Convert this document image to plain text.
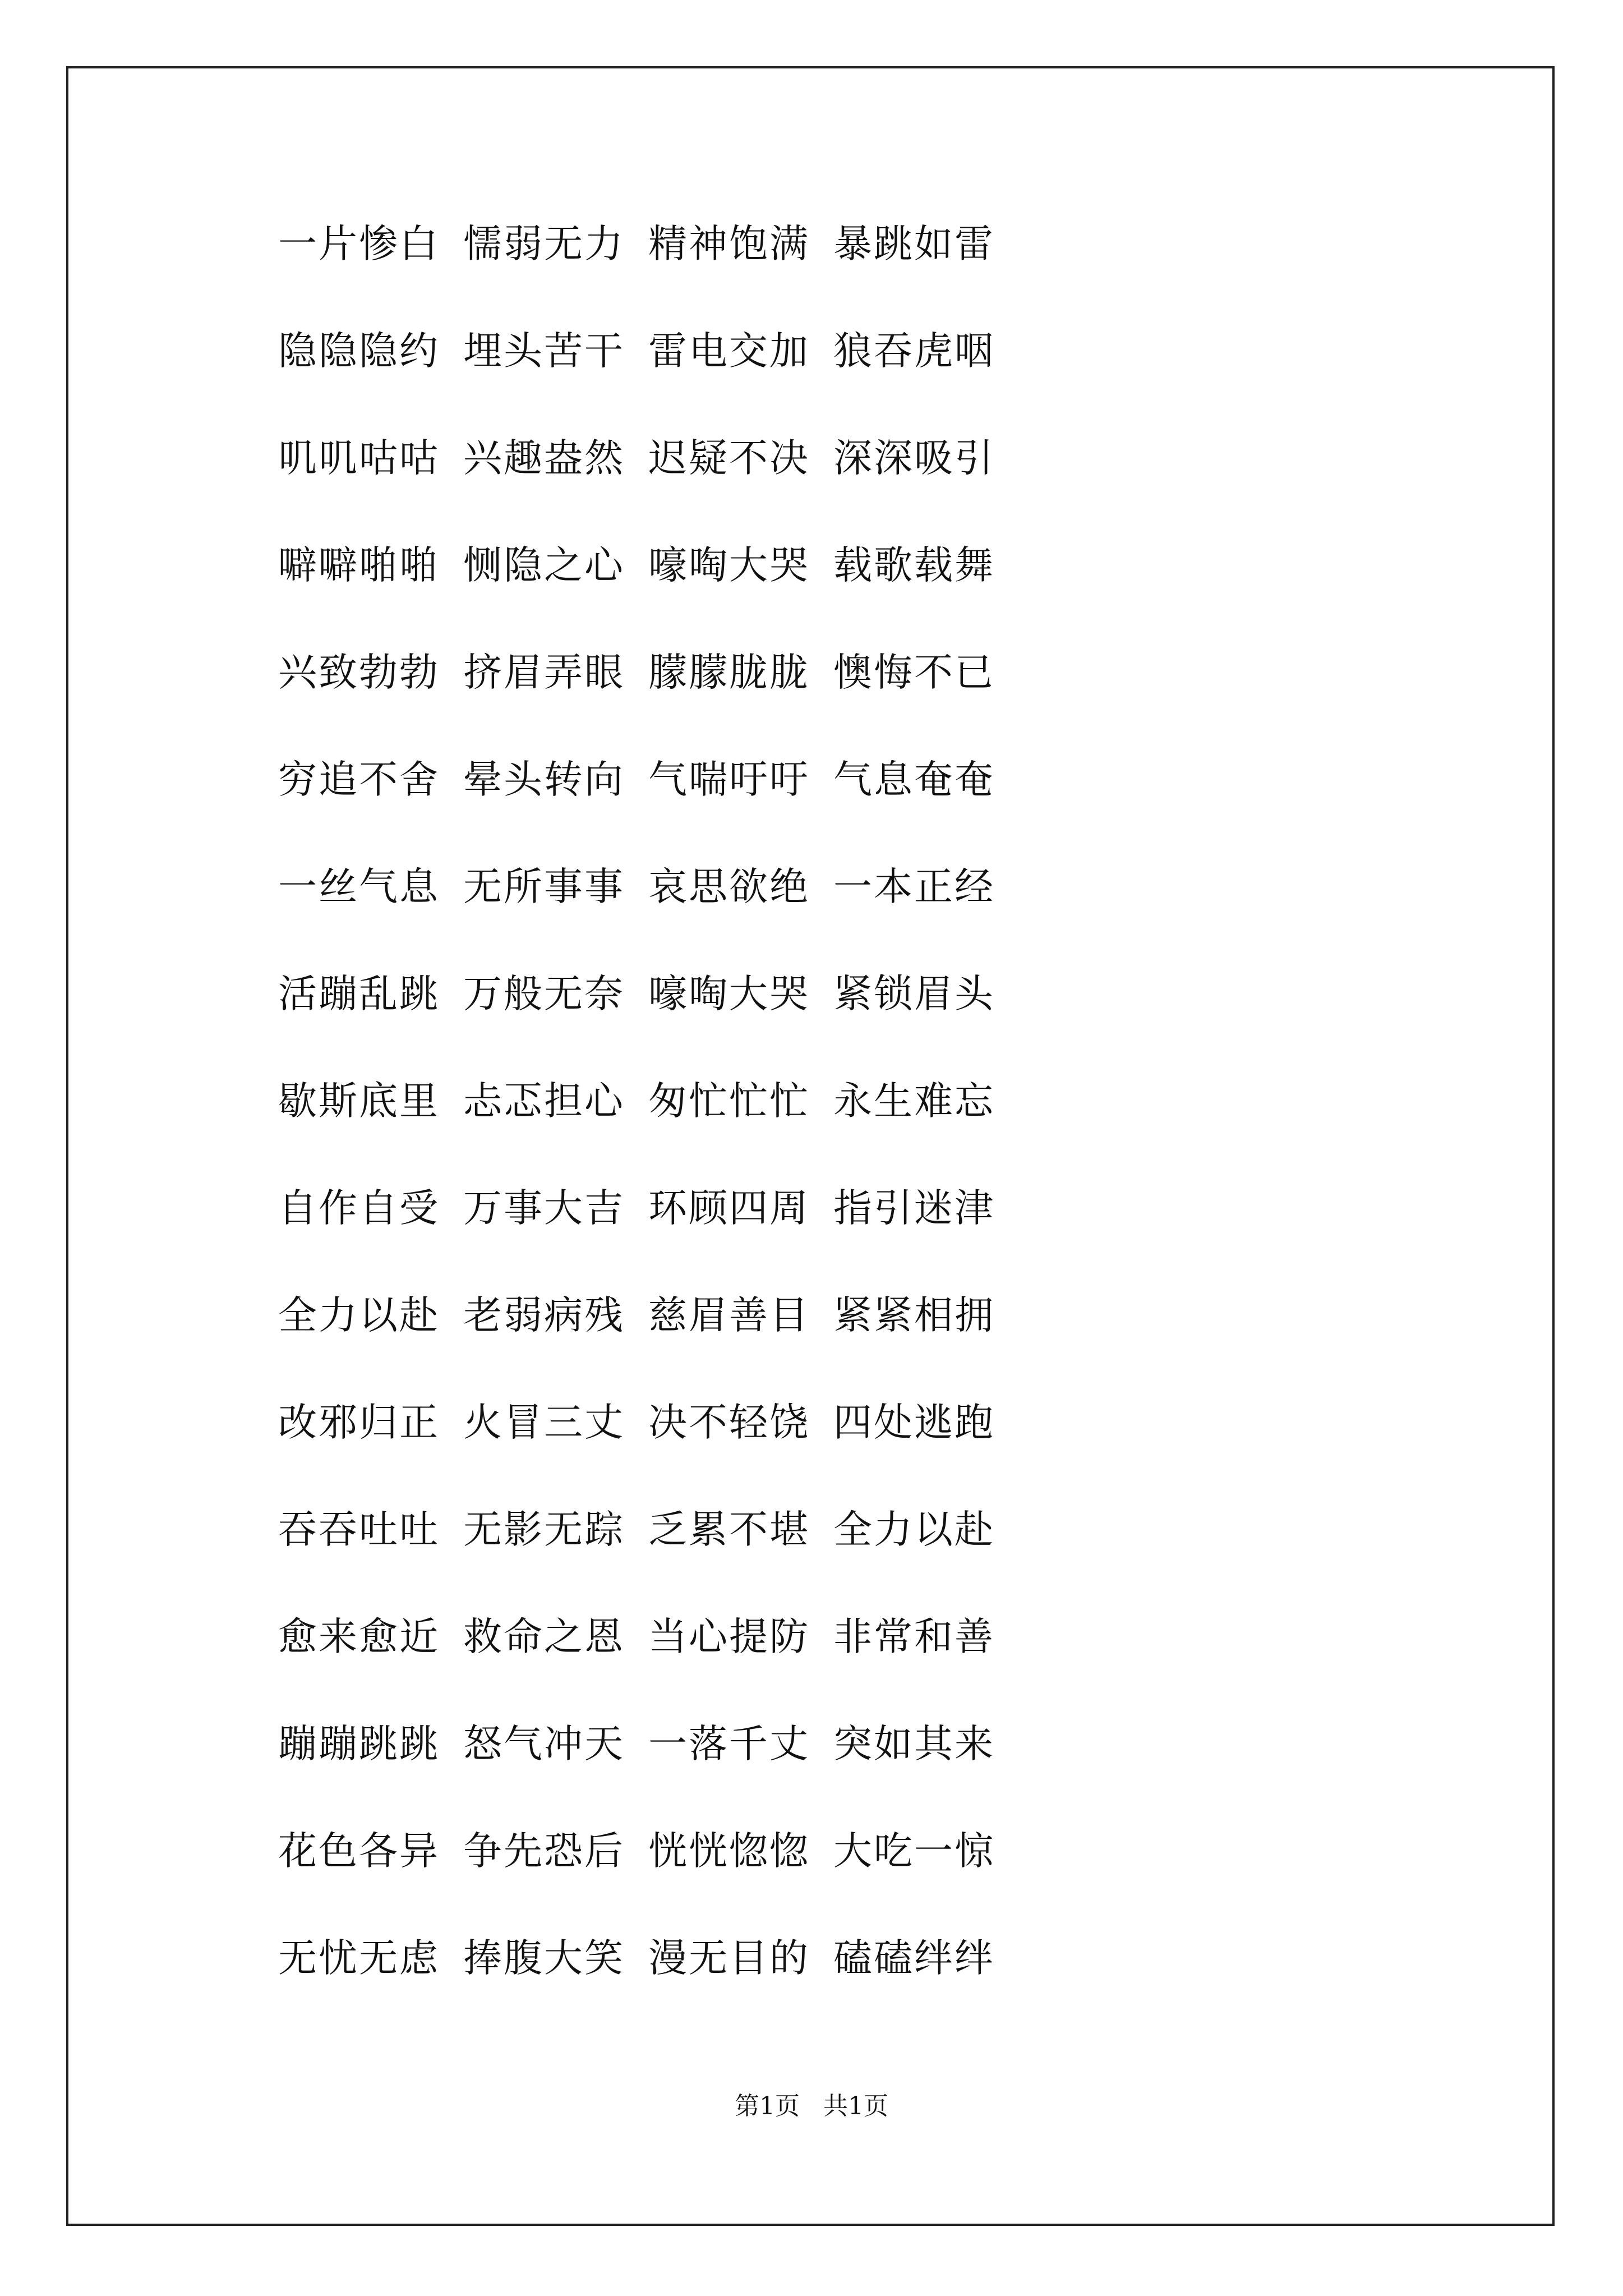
一片惨白 懦弱无力 精神饱满 暴跳如雷
隐隐隐约 埋头苦干 雷电交加 狼吞虎咽
叽叽咕咕 兴趣盎然 迟疑不决 深深吸引
噼噼啪啪 恻隐之心 嚎啕大哭 载歌载舞
兴致勃勃 挤眉弄眼 朦朦胧胧 懊悔不已
穷追不舍 晕头转向 气喘吁吁 气息奄奄
一丝气息 无所事事 哀思欲绝 一本正经
活蹦乱跳 万般无奈 嚎啕大哭 紧锁眉头
歇斯底里 忐忑担心 匆忙忙忙 永生难忘
自作自受 万事大吉 环顾四周 指引迷津
全力以赴 老弱病残 慈眉善目 紧紧相拥
改邪归正 火冒三丈 决不轻饶 四处逃跑
吞吞吐吐 无影无踪 乏累不堪 全力以赴
愈来愈近 救命之恩 当心提防 非常和善
蹦蹦跳跳 怒气冲天 一落千丈 突如其来
花色各异 争先恐后 恍恍惚惚 大吃一惊
无忧无虑 捧腹大笑 漫无目的 磕磕绊绊
第1页   共1页
